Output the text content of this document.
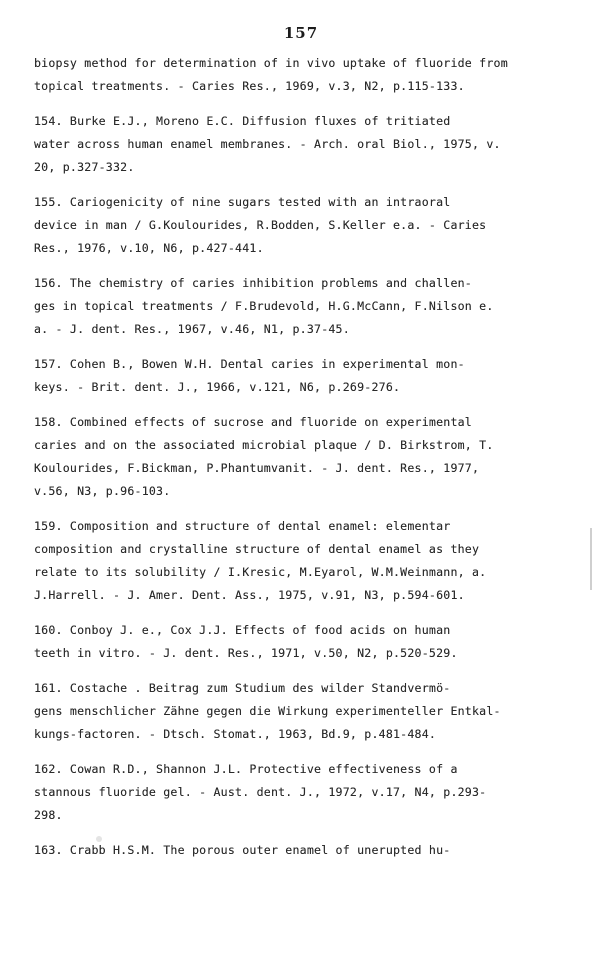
157
biopsy method for determination of in vivo uptake of fluoride from
topical treatments. - Caries Res., 1969, v.3, N2, p.115-133.
154. Burke E.J., Moreno E.C. Diffusion fluxes of tritiated
water across human enamel membranes. - Arch. oral Biol., 1975, v.
20, p.327-332.
155. Cariogenicity of nine sugars tested with an intraoral
device in man / G.Koulourides, R.Bodden, S.Keller e.a. - Caries
Res., 1976, v.10, N6, p.427-441.
156. The chemistry of caries inhibition problems and challen-
ges in topical treatments / F.Brudevold, H.G.McCann, F.Nilson e.
a. - J. dent. Res., 1967, v.46, N1, p.37-45.
157. Cohen B., Bowen W.H. Dental caries in experimental mon-
keys. - Brit. dent. J., 1966, v.121, N6, p.269-276.
158. Combined effects of sucrose and fluoride on experimental
caries and on the associated microbial plaque / D. Birkstrom, T.
Koulourides, F.Bickman, P.Phantumvanit. - J. dent. Res., 1977,
v.56, N3, p.96-103.
159. Composition and structure of dental enamel: elementar
composition and crystalline structure of dental enamel as they
relate to its solubility / I.Kresic, M.Eyarol, W.M.Weinmann, a.
J.Harrell. - J. Amer. Dent. Ass., 1975, v.91, N3, p.594-601.
160. Conboy J. e., Cox J.J. Effects of food acids on human
teeth in vitro. - J. dent. Res., 1971, v.50, N2, p.520-529.
161. Costache . Beitrag zum Studium des wilder Standvermö-
gens menschlicher Zähne gegen die Wirkung experimenteller Entkal-
kungs-factoren. - Dtsch. Stomat., 1963, Bd.9, p.481-484.
162. Cowan R.D., Shannon J.L. Protective effectiveness of a
stannous fluoride gel. - Aust. dent. J., 1972, v.17, N4, p.293-
298.
163. Crabb H.S.M. The porous outer enamel of unerupted hu-
